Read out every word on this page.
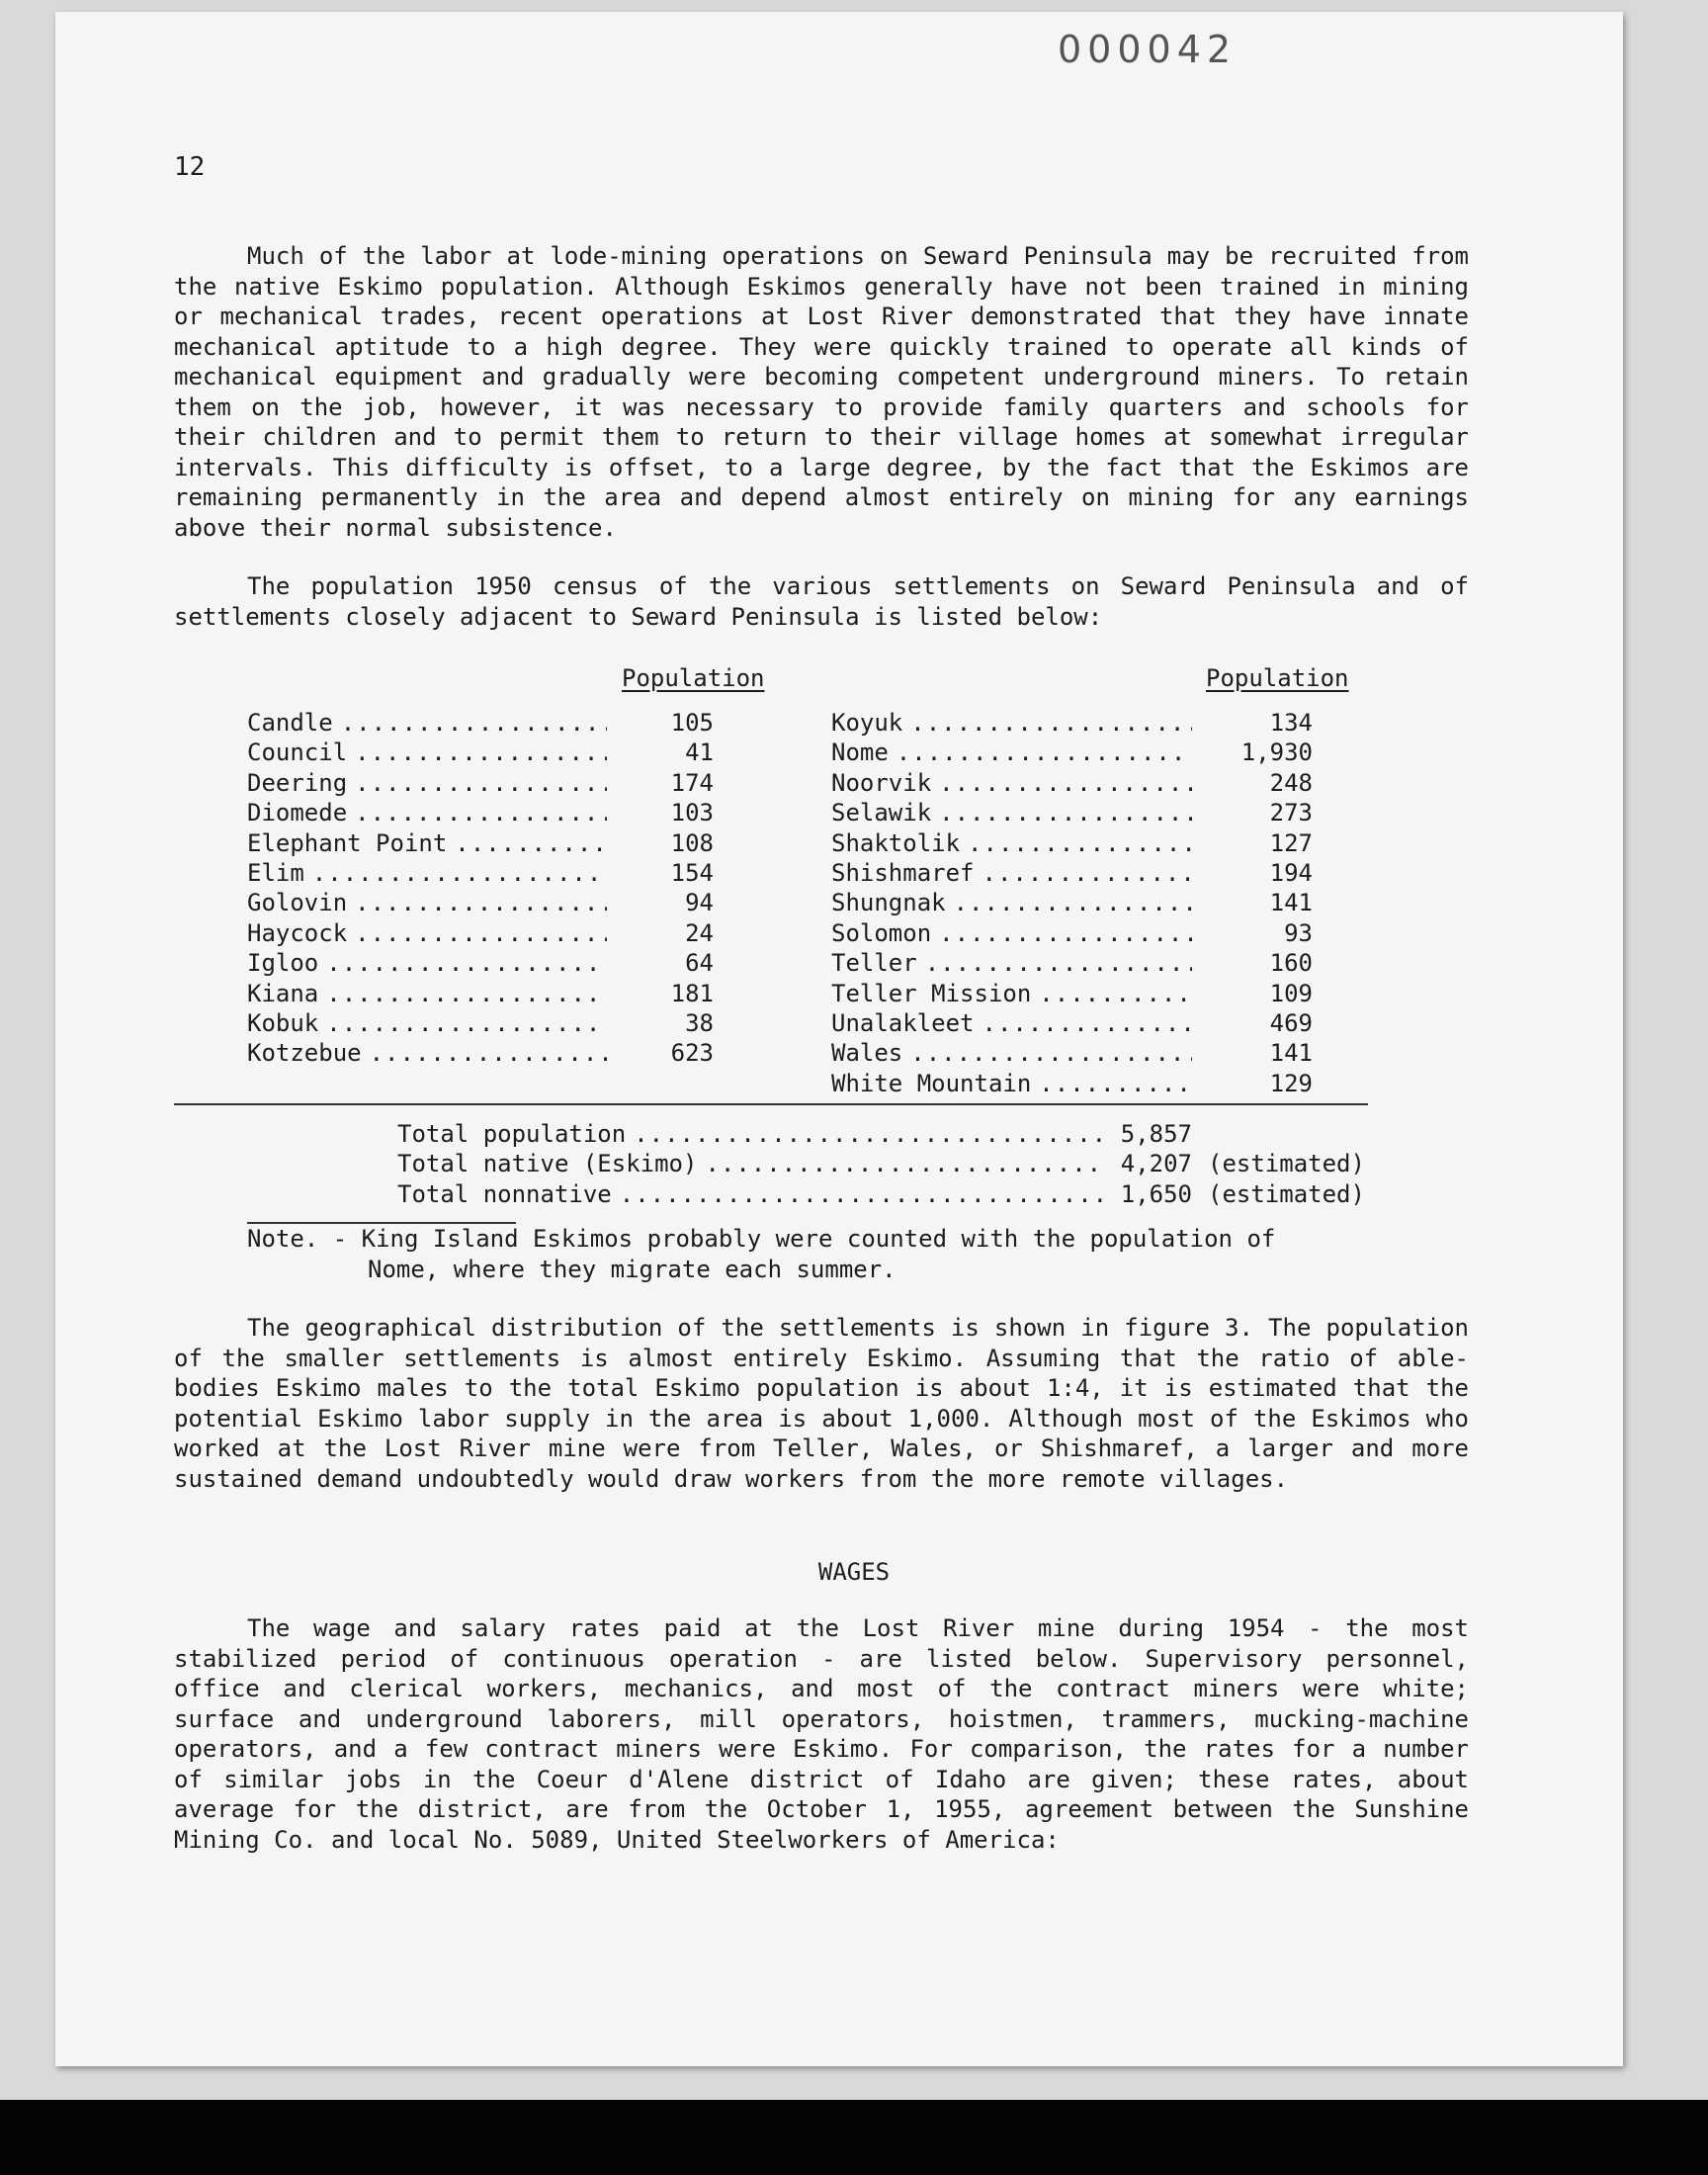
000042
12

Much of the labor at lode-mining operations on Seward Peninsula may be recruited from the native Eskimo population. Although Eskimos generally have not been trained in mining or mechanical trades, recent operations at Lost River demonstrated that they have innate mechanical aptitude to a high degree. They were quickly trained to operate all kinds of mechanical equipment and gradually were becoming competent underground miners. To retain them on the job, however, it was necessary to provide family quarters and schools for their children and to permit them to return to their village homes at somewhat irregular intervals. This difficulty is offset, to a large degree, by the fact that the Eskimos are remaining permanently in the area and depend almost entirely on mining for any earnings above their normal subsistence.

The population 1950 census of the various settlements on Seward Peninsula and of settlements closely adjacent to Seward Peninsula is listed below:

Population	Population
Candle .....	105
Council .....	41
Deering .....	174
Diomede .....	103
Elephant Point .....	108
Elim .....	154
Golovin .....	94
Haycock .....	24
Igloo .....	64
Kiana .....	181
Kobuk .....	38
Kotzebue .....	623
Koyuk .....	134
Nome .....	1,930
Noorvik .....	248
Selawik .....	273
Shaktolik .....	127
Shishmaref .....	194
Shungnak .....	141
Solomon .....	93
Teller .....	160
Teller Mission .....	109
Unalakleet .....	469
Wales .....	141
White Mountain .....	129
Total population .....	5,857
Total native (Eskimo) .....	4,207 (estimated)
Total nonnative .....	1,650 (estimated)
Note. - King Island Eskimos probably were counted with the population of
Nome, where they migrate each summer.

The geographical distribution of the settlements is shown in figure 3. The population of the smaller settlements is almost entirely Eskimo. Assuming that the ratio of able-bodies Eskimo males to the total Eskimo population is about 1:4, it is estimated that the potential Eskimo labor supply in the area is about 1,000. Although most of the Eskimos who worked at the Lost River mine were from Teller, Wales, or Shishmaref, a larger and more sustained demand undoubtedly would draw workers from the more remote villages.

WAGES

The wage and salary rates paid at the Lost River mine during 1954 - the most stabilized period of continuous operation - are listed below. Supervisory personnel, office and clerical workers, mechanics, and most of the contract miners were white; surface and underground laborers, mill operators, hoistmen, trammers, mucking-machine operators, and a few contract miners were Eskimo. For comparison, the rates for a number of similar jobs in the Coeur d'Alene district of Idaho are given; these rates, about average for the district, are from the October 1, 1955, agreement between the Sunshine Mining Co. and local No. 5089, United Steelworkers of America:
